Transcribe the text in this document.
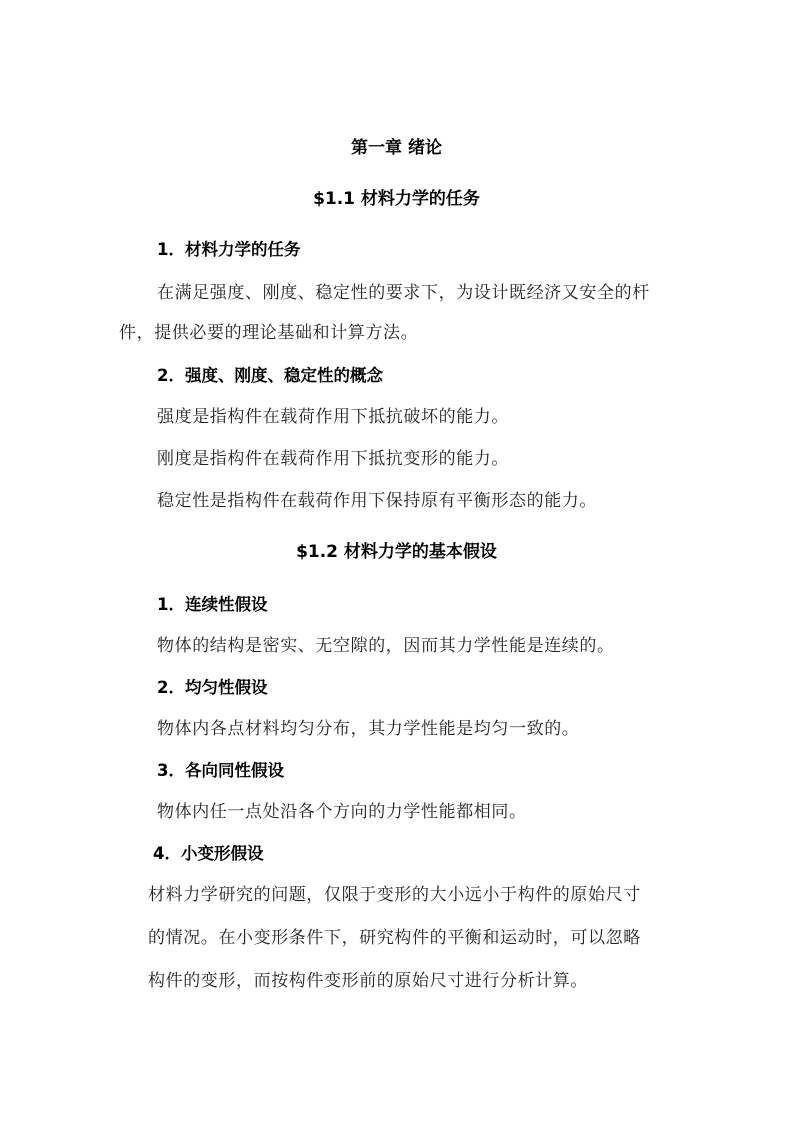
第一章 绪论
$1.1 材料力学的任务
1．材料力学的任务
在满足强度、刚度、稳定性的要求下，为设计既经济又安全的杆
件，提供必要的理论基础和计算方法。
2．强度、刚度、稳定性的概念
强度是指构件在载荷作用下抵抗破坏的能力。
刚度是指构件在载荷作用下抵抗变形的能力。
稳定性是指构件在载荷作用下保持原有平衡形态的能力。
$1.2 材料力学的基本假设
1．连续性假设
物体的结构是密实、无空隙的，因而其力学性能是连续的。
2．均匀性假设
物体内各点材料均匀分布，其力学性能是均匀一致的。
3．各向同性假设
物体内任一点处沿各个方向的力学性能都相同。
4．小变形假设
材料力学研究的问题，仅限于变形的大小远小于构件的原始尺寸
的情况。在小变形条件下，研究构件的平衡和运动时，可以忽略
构件的变形，而按构件变形前的原始尺寸进行分析计算。
